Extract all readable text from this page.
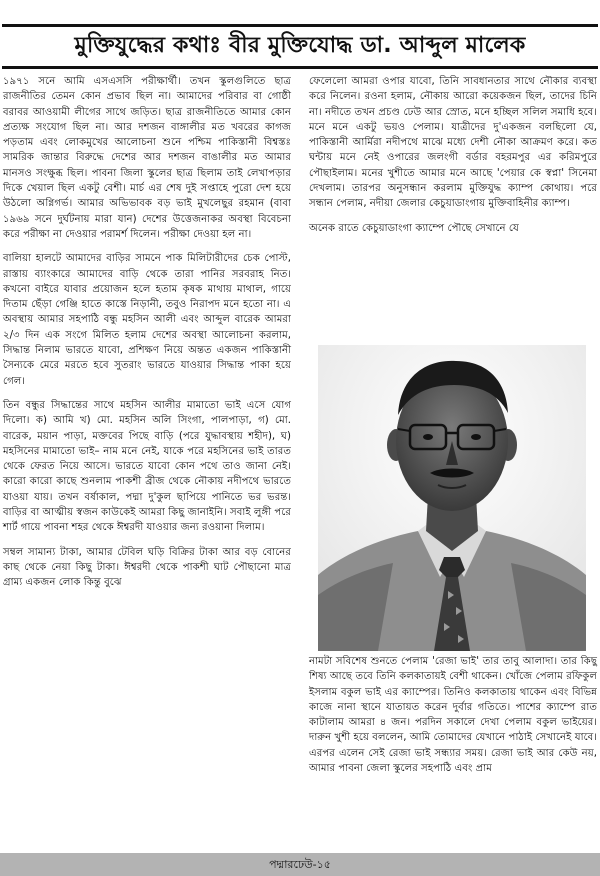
মুক্তিযুদ্ধের কথাঃ বীর মুক্তিযোদ্ধ ডা. আব্দুল মালেক

১৯৭১ সনে আমি এসএসসি পরীক্ষার্থী। তখন স্কুলগুলিতে ছাত্র রাজনীতির তেমন কোন প্রভাব ছিল না। আমাদের পরিবার বা গোষ্ঠী বরাবর আওয়ামী লীগের সাথে জড়িত। ছাত্র রাজনীতিতে আমার কোন প্রত্যক্ষ সংযোগ ছিল না। আর দশজন বাঙ্গালীর মত খবরের কাগজ পড়তাম এবং লোকমুখের আলোচনা শুনে পশ্চিম পাকিস্তানী বিশ্বস্তঃ সামরিক জান্তার বিরুদ্ধে দেশের আর দশজন বাঙালীর মত আমার মানসও সংক্ষুব্ধ ছিল। পাবনা জিলা স্কুলের ছাত্র ছিলাম তাই লেখাপড়ার দিকে খেয়াল ছিল একটু বেশী। মার্চ এর শেষ দুই সপ্তাহে পুরো দেশ হয়ে উঠলো অগ্নিগর্ভ। আমার অভিভাবক বড় ভাই মুখলেছুর রহমান (বাবা ১৯৬৯ সনে দুর্ঘটনায় মারা যান) দেশের উত্তেজনাকর অবস্থা বিবেচনা করে পরীক্ষা না দেওয়ার পরামর্শ দিলেন। পরীক্ষা দেওয়া হল না।

বালিয়া হালটে আমাদের বাড়ির সামনে পাক মিলিটারীদের চেক পোস্ট, রাস্তায় ব্যাংকারে আমাদের বাড়ি থেকে তারা পানির সরবরাহ নিত। কখনো বাইরে যাবার প্রয়োজন হলে হতাম কৃষক মাথায় মাথাল, গায়ে দিতাম ছেঁড়া গেঞ্জি হাতে কাস্তে নিড়ানী, তবুও নিরাপদ মনে হতো না। এ অবস্থায় আমার সহপাঠি বন্ধু মহসিন আলী এবং আব্দুল বারেক আমরা ২/৩ দিন এক সংগে মিলিত হলাম দেশের অবস্থা আলোচনা করলাম, সিদ্ধান্ত নিলাম ভারতে যাবো, প্রশিক্ষণ নিয়ে অন্তত একজন পাকিস্তানী সৈন্যকে মেরে মরতে হবে সুতরাং ভারতে যাওয়ার সিদ্ধান্ত পাকা হয়ে গেল।

তিন বন্ধুর সিদ্ধান্তের সাথে মহসিন আলীর মামাতো ভাই এসে যোগ দিলো। ক) আমি খ) মো. মহসিন অলি সিংগা, পালপাড়া, গ) মো. বারেক, ময়ান পাড়া, মক্তবের পিছে বাড়ি (পরে যুদ্ধাবস্থায় শহীদ), ঘ) মহসিনের মামাতো ভাই– নাম মনে নেই, যাকে পরে মহসিনের ভাই তারত থেকে ফেরত নিয়ে আসে। ভারতে যাবো কোন পথে তাও জানা নেই। কারো কারো কাছে শুনলাম পাকশী ব্রীজ থেকে নৌকায় নদীপথে ভারতে যাওয়া যায়। তখন বর্ষাকাল, পদ্মা দু'কুল ছাপিয়ে পানিতে ভর ভরন্ত। বাড়ির বা আত্মীয় স্বজন কাউকেই আমরা কিছু জানাইনি। সবাই লুঙ্গী পরে শার্ট গায়ে পাবনা শহর থেকে ঈশ্বরদী যাওয়ার জন্য রওয়ানা দিলাম।

সম্বল সামান্য টাকা, আমার টেবিল ঘড়ি বিক্রির টাকা আর বড় বোনের কাছ থেকে নেয়া কিছু টাকা। ঈশ্বরদী থেকে পাকশী ঘাট পৌছানো মাত্র গ্রাম্য একজন লোক কিন্তু বুঝে

ফেলেলো আমরা ওপার যাবো, তিনি সাবধানতার সাথে নৌকার ব্যবস্থা করে নিলেন। রওনা হলাম, নৌকায় আরো কয়েকজন ছিল, তাদের চিনি না। নদীতে তখন প্রচণ্ড ঢেউ আর স্রোত, মনে হচ্ছিল সলিল সমাধি হবে। মনে মনে একটু ভয়ও পেলাম। যাত্রীদের দু'একজন বলছিলো যে, পাকিস্তানী আর্মিরা নদীপথে মাঝে মধ্যে দেশী নৌকা আক্রমণ করে। কত ঘন্টায় মনে নেই ওপারের জলংগী বর্ডার বহরমপুর এর করিমপুরে পৌছাইলাম। মনের খুশীতে আমার মনে আছে 'পেয়ার কে স্বপ্না' সিনেমা দেখলাম। তারপর অনুসন্ধান করলাম মুক্তিযুদ্ধ ক্যাম্প কোথায়। পরে সন্ধান পেলাম, নদীয়া জেলার কেচুয়াডাংগায় মুক্তিবাহিনীর ক্যাম্প।

অনেক রাতে কেচুয়াডাংগা ক্যাম্পে পৌছে সেখানে যে

নামটা সবিশেষ শুনতে পেলাম 'রেজা ভাই' তার তাবু আলাদা। তার কিছু শিষ্য আছে তবে তিনি কলকাতায়ই বেশী থাকেন। খোঁজে পেলাম রফিকুল ইসলাম বকুল ভাই এর ক্যাম্পের। তিনিও কলকাতায় থাকেন এবং বিভিন্ন কাজে নানা স্থানে যাতায়ত করেন দুর্বার গতিতে। পাশের ক্যাম্পে রাত কাটালাম আমরা ৪ জন। পরদিন সকালে দেখা পেলাম বকুল ভাইয়ের। দারুন খুশী হয়ে বললেন, আমি তোমাদের যেখানে পাঠাই সেখানেই যাবে। এরপর এলেন সেই রেজা ভাই সন্ধ্যার সময়। রেজা ভাই আর কেউ নয়, আমার পাবনা জেলা স্কুলের সহপাঠি এবং প্রাম

পদ্মারঢেউ-১৫
